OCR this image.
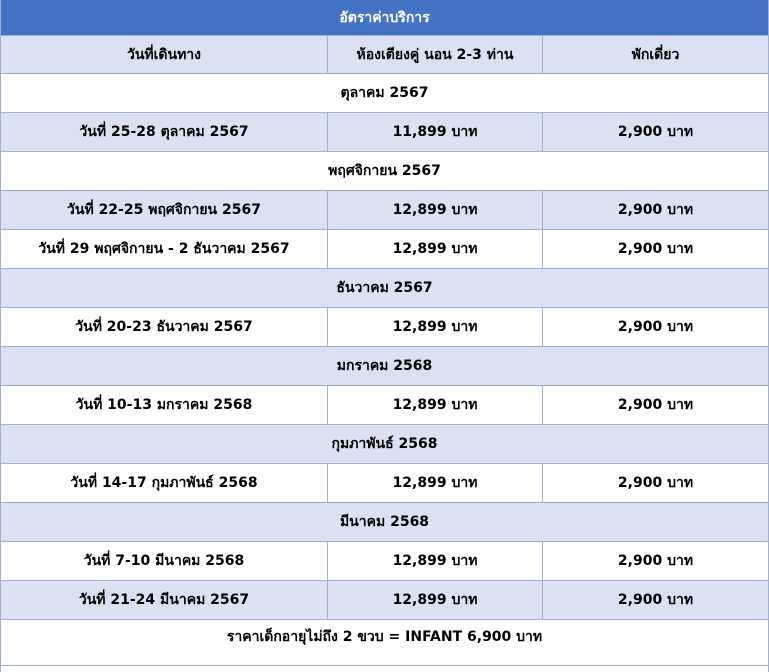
อัตราค่าบริการ
วันที่เดินทาง	ห้องเตียงคู่ นอน 2-3 ท่าน	พักเดี่ยว
ตุลาคม 2567
วันที่ 25-28 ตุลาคม 2567	11,899 บาท	2,900 บาท
พฤศจิกายน 2567
วันที่ 22-25 พฤศจิกายน 2567	12,899 บาท	2,900 บาท
วันที่ 29 พฤศจิกายน - 2 ธันวาคม 2567	12,899 บาท	2,900 บาท
ธันวาคม 2567
วันที่ 20-23 ธันวาคม 2567	12,899 บาท	2,900 บาท
มกราคม 2568
วันที่ 10-13 มกราคม 2568	12,899 บาท	2,900 บาท
กุมภาพันธ์ 2568
วันที่ 14-17 กุมภาพันธ์ 2568	12,899 บาท	2,900 บาท
มีนาคม 2568
วันที่ 7-10 มีนาคม 2568	12,899 บาท	2,900 บาท
วันที่ 21-24 มีนาคม 2567	12,899 บาท	2,900 บาท
ราคาเด็กอายุไม่ถึง 2 ขวบ = INFANT 6,900 บาท
